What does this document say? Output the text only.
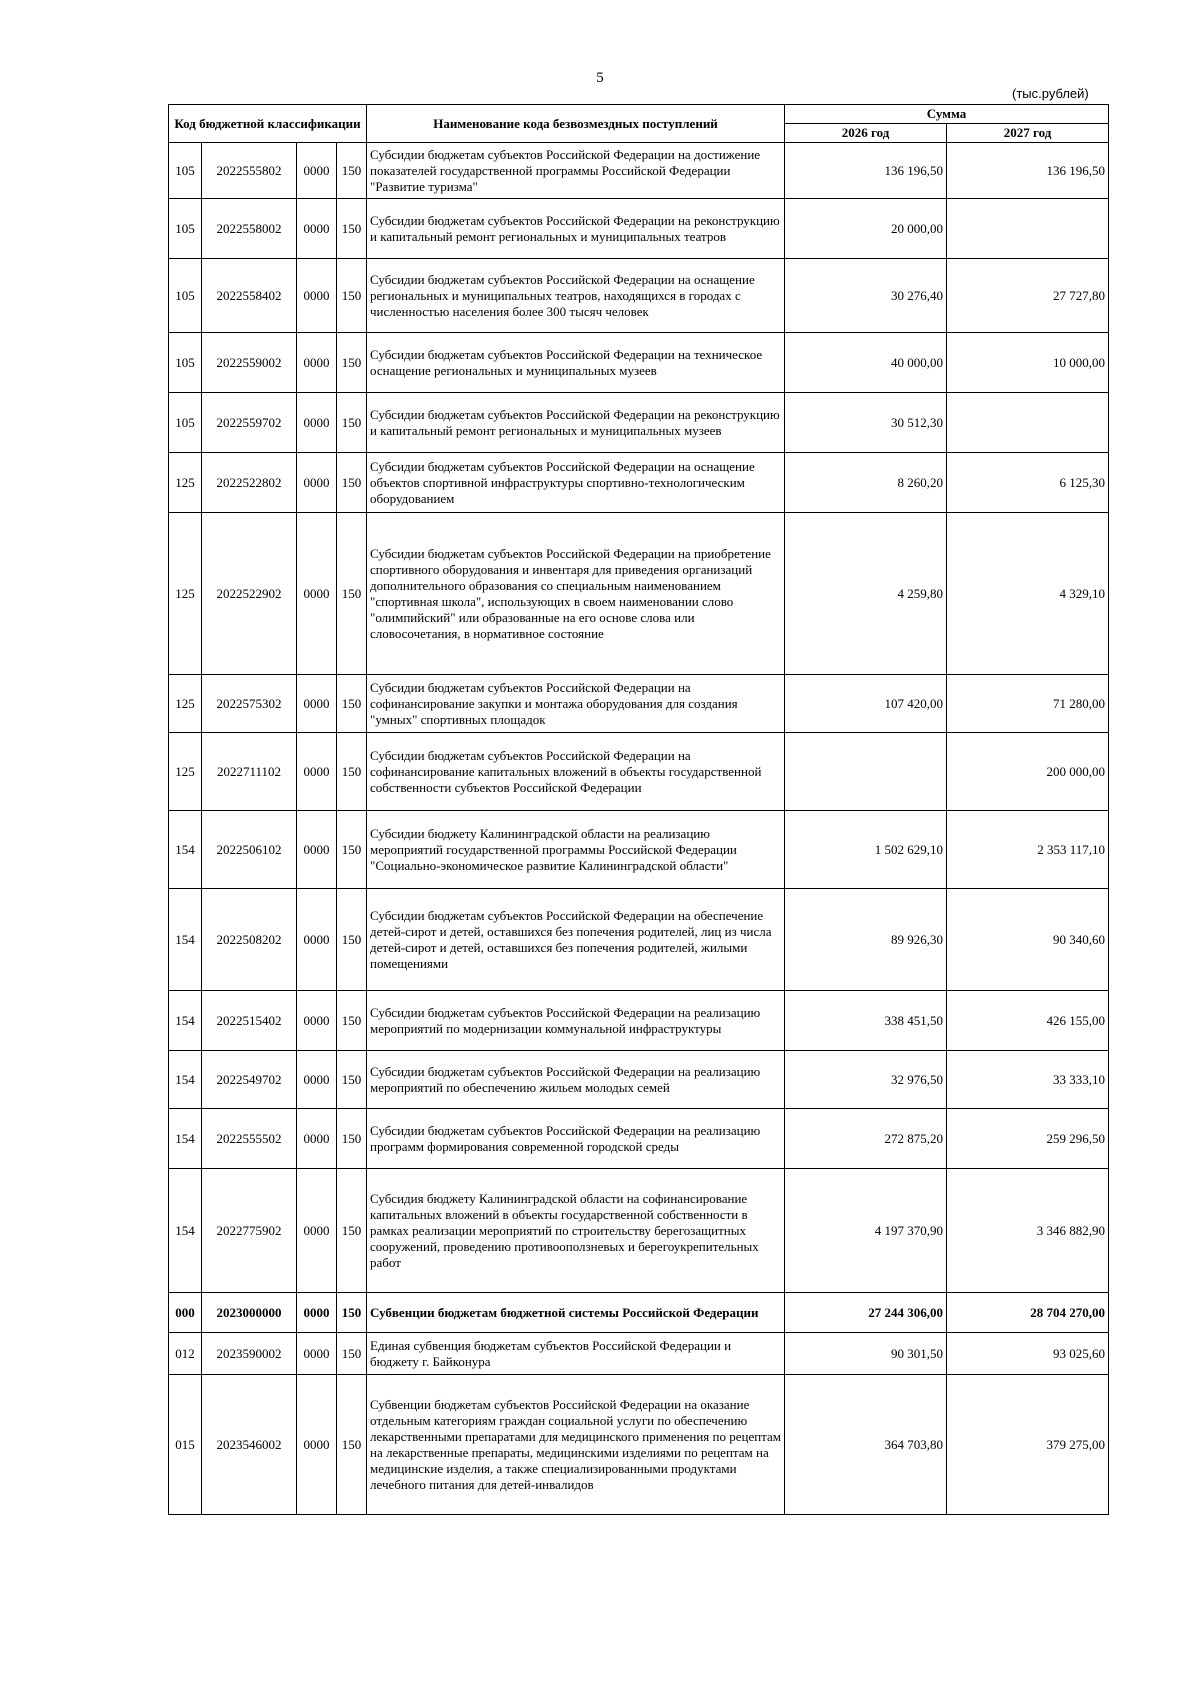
5
(тыс.рублей)
Код бюджетной классификации				Наименование кода безвозмездных поступлений	Сумма	
					2026 год	2027 год
105	2022555802	0000	150	Субсидии бюджетам субъектов Российской Федерации на достижение показателей государственной программы Российской Федерации "Развитие туризма"	136 196,50	136 196,50
105	2022558002	0000	150	Субсидии бюджетам субъектов Российской Федерации на реконструкцию и капитальный ремонт региональных и муниципальных театров	20 000,00	
105	2022558402	0000	150	Субсидии бюджетам субъектов Российской Федерации на оснащение региональных и муниципальных театров, находящихся в городах с численностью населения более 300 тысяч человек	30 276,40	27 727,80
105	2022559002	0000	150	Субсидии бюджетам субъектов Российской Федерации на техническое оснащение региональных и муниципальных музеев	40 000,00	10 000,00
105	2022559702	0000	150	Субсидии бюджетам субъектов Российской Федерации на реконструкцию и капитальный ремонт региональных и муниципальных музеев	30 512,30	
125	2022522802	0000	150	Субсидии бюджетам субъектов Российской Федерации на оснащение объектов спортивной инфраструктуры спортивно-технологическим оборудованием	8 260,20	6 125,30
125	2022522902	0000	150	Субсидии бюджетам субъектов Российской Федерации на приобретение спортивного оборудования и инвентаря для приведения организаций дополнительного образования со специальным наименованием "спортивная школа", использующих в своем наименовании слово "олимпийский" или образованные на его основе слова или словосочетания, в нормативное состояние	4 259,80	4 329,10
125	2022575302	0000	150	Субсидии бюджетам субъектов Российской Федерации на софинансирование закупки и монтажа оборудования для создания "умных" спортивных площадок	107 420,00	71 280,00
125	2022711102	0000	150	Субсидии бюджетам субъектов Российской Федерации на софинансирование капитальных вложений в объекты государственной собственности субъектов Российской Федерации		200 000,00
154	2022506102	0000	150	Субсидии бюджету Калининградской области на реализацию мероприятий государственной программы Российской Федерации "Социально-экономическое развитие Калининградской области"	1 502 629,10	2 353 117,10
154	2022508202	0000	150	Субсидии бюджетам субъектов Российской Федерации на обеспечение детей-сирот и детей, оставшихся без попечения родителей, лиц из числа детей-сирот и детей, оставшихся без попечения родителей, жилыми помещениями	89 926,30	90 340,60
154	2022515402	0000	150	Субсидии бюджетам субъектов Российской Федерации на реализацию мероприятий по модернизации коммунальной инфраструктуры	338 451,50	426 155,00
154	2022549702	0000	150	Субсидии бюджетам субъектов Российской Федерации на реализацию мероприятий по обеспечению жильем молодых семей	32 976,50	33 333,10
154	2022555502	0000	150	Субсидии бюджетам субъектов Российской Федерации на реализацию программ формирования современной городской среды	272 875,20	259 296,50
154	2022775902	0000	150	Субсидия бюджету Калининградской области на софинансирование капитальных вложений в объекты государственной собственности в рамках реализации мероприятий по строительству берегозащитных сооружений, проведению противооползневых и берегоукрепительных работ	4 197 370,90	3 346 882,90
000	2023000000	0000	150	Субвенции бюджетам бюджетной системы Российской Федерации	27 244 306,00	28 704 270,00
012	2023590002	0000	150	Единая субвенция бюджетам субъектов Российской Федерации и бюджету г. Байконура	90 301,50	93 025,60
015	2023546002	0000	150	Субвенции бюджетам субъектов Российской Федерации на оказание отдельным категориям граждан социальной услуги по обеспечению лекарственными препаратами для медицинского применения по рецептам на лекарственные препараты, медицинскими изделиями по рецептам на медицинские изделия, а также специализированными продуктами лечебного питания для детей-инвалидов	364 703,80	379 275,00
